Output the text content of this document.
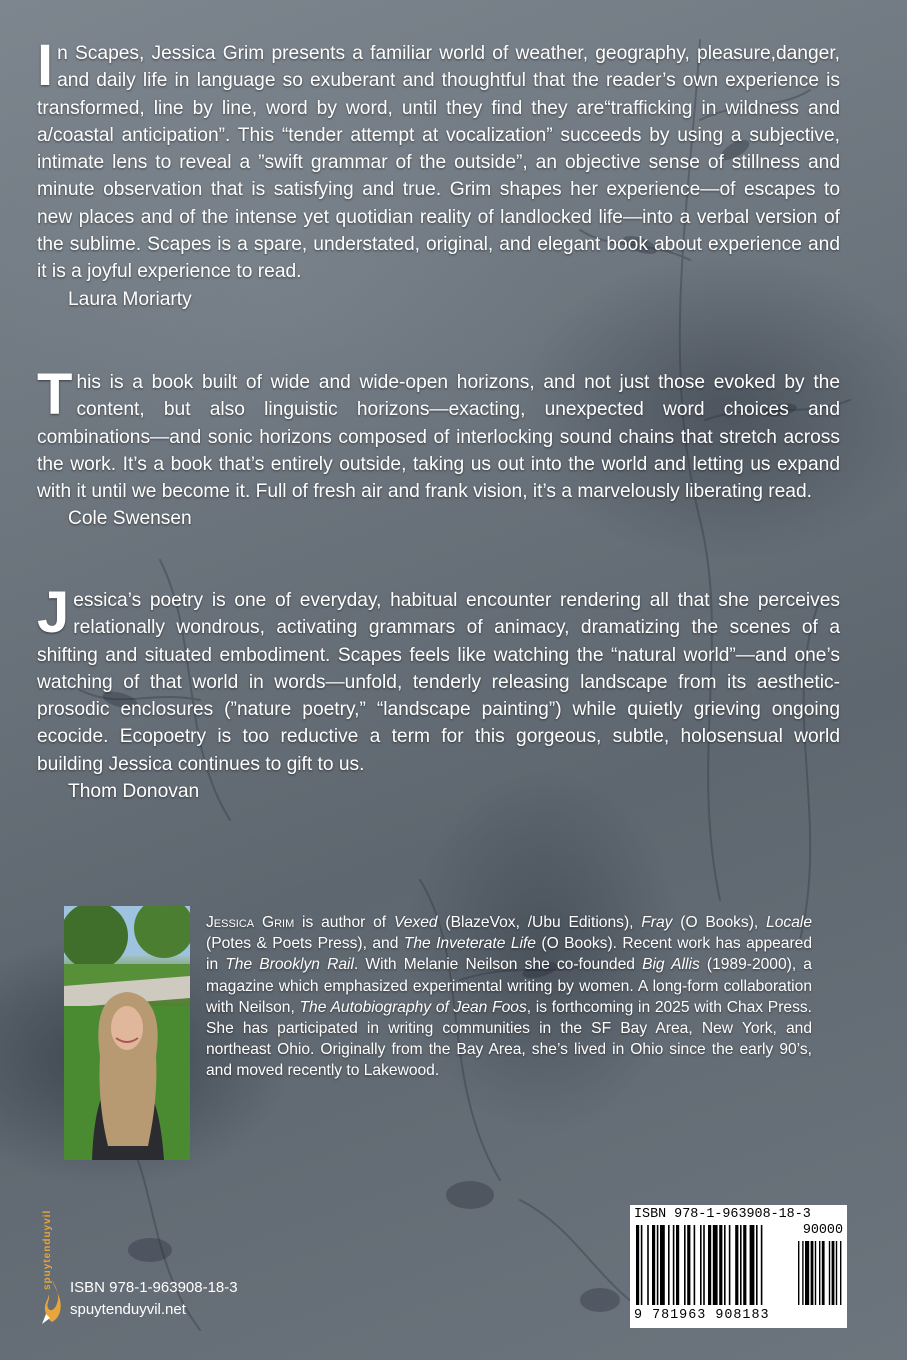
In Scapes, Jessica Grim presents a familiar world of weather, geography, pleasure,danger, and daily life in language so exuberant and thoughtful that the reader’s own experience is transformed, line by line, word by word, until they find they are“trafficking in wildness and a/coastal anticipation”. This “tender attempt at vocalization” succeeds by using a subjective, intimate lens to reveal a ”swift grammar of the outside”, an objective sense of stillness and minute observation that is satisfying and true. Grim shapes her experience—of escapes to new places and of the intense yet quotidian reality of landlocked life—into a verbal version of the sublime. Scapes is a spare, understated, original, and elegant book about experience and it is a joyful experience to read.

Laura Moriarty

This is a book built of wide and wide-open horizons, and not just those evoked by the content, but also linguistic horizons—exacting, unexpected word choices and combinations—and sonic horizons composed of interlocking sound chains that stretch across the work. It’s a book that’s entirely outside, taking us out into the world and letting us expand with it until we become it. Full of fresh air and frank vision, it’s a marvelously liberating read.

Cole Swensen

Jessica’s poetry is one of everyday, habitual encounter rendering all that she perceives relationally wondrous, activating grammars of animacy, dramatizing the scenes of a shifting and situated embodiment. Scapes feels like watching the “natural world”—and one’s watching of that world in words—unfold, tenderly releasing landscape from its aesthetic-prosodic enclosures (”nature poetry,” “landscape painting”) while quietly grieving ongoing ecocide. Ecopoetry is too reductive a term for this gorgeous, subtle, holosensual world building Jessica continues to gift to us.

Thom Donovan

Jessica Grim is author of Vexed (BlazeVox, /Ubu Editions), Fray (O Books), Locale (Potes & Poets Press), and The Inveterate Life (O Books). Recent work has appeared in The Brooklyn Rail. With Melanie Neilson she co-founded Big Allis (1989-2000), a magazine which emphasized experimental writing by women. A long-form collaboration with Neilson, The Autobiography of Jean Foos, is forthcoming in 2025 with Chax Press. She has participated in writing communities in the SF Bay Area, New York, and northeast Ohio. Originally from the Bay Area, she’s lived in Ohio since the early 90’s, and moved recently to Lakewood.

spuytenduyvil ISBN 978-1-963908-18-3

spuytenduyvil.net

ISBN 978-1-963908-18-3
90000
9 781963 908183
